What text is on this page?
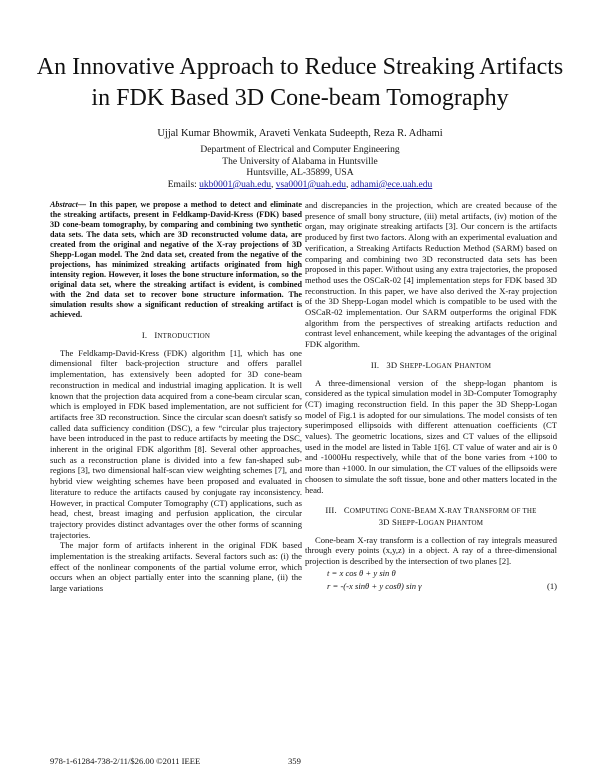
An Innovative Approach to Reduce Streaking Artifacts
in FDK Based 3D Cone-beam Tomography
Ujjal Kumar Bhowmik, Araveti Venkata Sudeepth, Reza R. Adhami
Department of Electrical and Computer Engineering
The University of Alabama in Huntsville
Huntsville, AL-35899, USA
Emails: ukb0001@uah.edu, vsa0001@uah.edu, adhami@ece.uah.edu
Abstract— In this paper, we propose a method to detect and eliminate the streaking artifacts, present in Feldkamp-David-Kress (FDK) based 3D cone-beam tomography, by comparing and combining two synthetic data sets. The data sets, which are 3D reconstructed volume data, are created from the original and negative of the X-ray projections of 3D Shepp-Logan model. The 2nd data set, created from the negative of the projections, has minimized streaking artifacts originated from high intensity region. However, it loses the bone structure information, so the original data set, where the streaking artifact is evident, is combined with the 2nd data set to recover bone structure information. The simulation results show a significant reduction of streaking artifact is achieved.
I. INTRODUCTION

The Feldkamp-David-Kress (FDK) algorithm [1], which has one dimensional filter back-projection structure and offers parallel implementation, has extensively been adopted for 3D cone-beam reconstruction in medical and industrial imaging application. It is well known that the projection data acquired from a cone-beam circular scan, which is employed in FDK based implementation, are not sufficient for artifacts free 3D reconstruction. Since the circular scan doesn't satisfy so called data sufficiency condition (DSC), a few “circular plus trajectory have been introduced in the past to reduce artifacts by meeting the DSC, inherent in the original FDK algorithm [8]. Several other approaches, such as a reconstruction plane is divided into a few fan-shaped sub-regions [3], two dimensional half-scan view weighting schemes [7], and hybrid view weighting schemes have been proposed and evaluated in literature to reduce the artifacts caused by conjugate ray inconsistency. However, in practical Computer Tomography (CT) applications, such as head, chest, breast imaging and perfusion application, the circular trajectory provides distinct advantages over the other forms of scanning trajectories.

The major form of artifacts inherent in the original FDK based implementation is the streaking artifacts. Several factors such as: (i) the effect of the nonlinear components of the partial volume error, which occurs when an object partially enter into the scanning plane, (ii) the large variations

and discrepancies in the projection, which are created because of the presence of small bony structure, (iii) metal artifacts, (iv) motion of the organ, may originate streaking artifacts [3]. Our concern is the artifacts produced by first two factors. Along with an experimental evaluation and verification, a Streaking Artifacts Reduction Method (SARM) based on comparing and combining two 3D reconstructed data sets has been proposed in this paper. Without using any extra trajectories, the proposed method uses the OSCaR-02 [4] implementation steps for FDK based 3D reconstruction. In this paper, we have also derived the X-ray projection of the 3D Shepp-Logan model which is compatible to be used with the OSCaR-02 implementation. Our SARM outperforms the original FDK algorithm from the perspectives of streaking artifacts reduction and contrast level enhancement, while keeping the advantages of the original FDK algorithm.

II. 3D SHEPP-LOGAN PHANTOM

A three-dimensional version of the shepp-logan phantom is considered as the typical simulation model in 3D-Computer Tomography (CT) imaging reconstruction field. In this paper the 3D Shepp-Logan model of Fig.1 is adopted for our simulations. The model consists of ten superimposed ellipsoids with different attenuation coefficients (CT values). The geometric locations, sizes and CT values of the ellipsoid used in the model are listed in Table 1[6]. CT value of water and air is 0 and -1000Hu respectively, while that of the bone varies from +100 to more than +1000. In our simulation, the CT values of the ellipsoids were choosen to simulate the soft tissue, bone and other matters located in the head.

III. COMPUTING CONE-BEAM X-RAY TRANSFORM OF THE
3D SHEPP-LOGAN PHANTOM

Cone-beam X-ray transform is a collection of ray integrals measured through every points (x,y,z) in a object. A ray of a three-dimensional projection is described by the intersection of two planes [2].

t = x cos θ + y sin θ
r = -(-x sinθ + y cosθ) sin γ	(1)
978-1-61284-738-2/11/$26.00 ©2011 IEEE	359
